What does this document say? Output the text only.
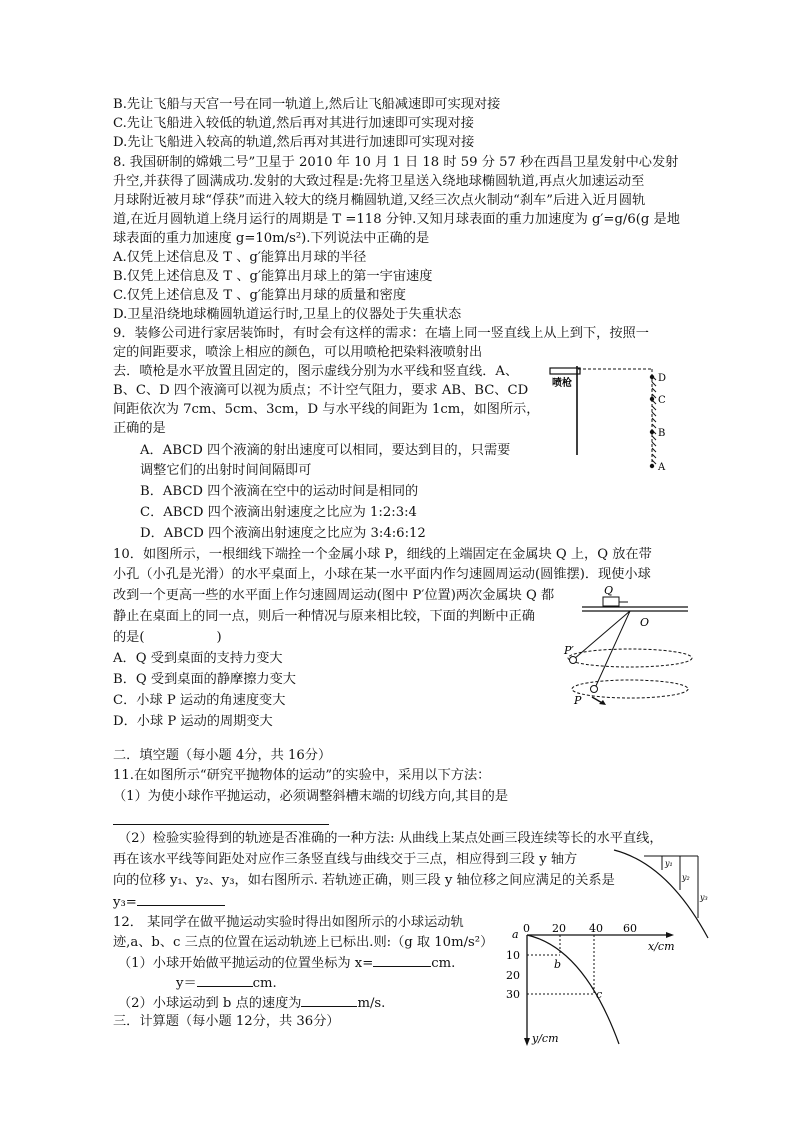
B.先让飞船与天宫一号在同一轨道上,然后让飞船减速即可实现对接
C.先让飞船进入较低的轨道,然后再对其进行加速即可实现对接
D.先让飞船进入较高的轨道,然后再对其进行加速即可实现对接
8. 我国研制的嫦娥二号”卫星于 2010 年 10 月 1 日 18 时 59 分 57 秒在西昌卫星发射中心发射
升空,并获得了圆满成功.发射的大致过程是:先将卫星送入绕地球椭圆轨道,再点火加速运动至
月球附近被月球“俘获”而进入较大的绕月椭圆轨道,又经三次点火制动“刹车”后进入近月圆轨
道,在近月圆轨道上绕月运行的周期是 T =118 分钟.又知月球表面的重力加速度为 g′=g/6(g 是地
球表面的重力加速度 g=10m/s²).下列说法中正确的是
A.仅凭上述信息及 T 、g′能算出月球的半径
B.仅凭上述信息及 T 、g′能算出月球上的第一宇宙速度
C.仅凭上述信息及 T 、g′能算出月球的质量和密度
D.卫星沿绕地球椭圆轨道运行时,卫星上的仪器处于失重状态
9．装修公司进行家居装饰时，有时会有这样的需求：在墙上同一竖直线上从上到下，按照一
定的间距要求，喷涂上相应的颜色，可以用喷枪把染料液喷射出
去．喷枪是水平放置且固定的，图示虚线分别为水平线和竖直线．A、
B、C、D 四个液滴可以视为质点；不计空气阻力，要求 AB、BC、CD
间距依次为 7cm、5cm、3cm，D 与水平线的间距为 1cm，如图所示，
正确的是
A．ABCD 四个液滴的射出速度可以相同，要达到目的，只需要
调整它们的出射时间间隔即可
B．ABCD 四个液滴在空中的运动时间是相同的
C．ABCD 四个液滴出射速度之比应为 1:2:3:4
D．ABCD 四个液滴出射速度之比应为 3:4:6:12
10．如图所示，一根细线下端拴一个金属小球 P，细线的上端固定在金属块 Q 上，Q 放在带
小孔（小孔是光滑）的水平桌面上，小球在某一水平面内作匀速圆周运动(圆锥摆)．现使小球
改到一个更高一些的水平面上作匀速圆周运动(图中 P′位置)两次金属块 Q 都
静止在桌面上的同一点，则后一种情况与原来相比较，下面的判断中正确
的是(	)
A．Q 受到桌面的支持力变大
B．Q 受到桌面的静摩擦力变大
C．小球 P 运动的角速度变大
D．小球 P 运动的周期变大
二．填空题（每小题 4分，共 16分）
11.在如图所示“研究平抛物体的运动”的实验中，采用以下方法：
（1）为使小球作平抛运动，必须调整斜槽末端的切线方向,其目的是
（2）检验实验得到的轨迹是否准确的一种方法: 从曲线上某点处画三段连续等长的水平直线，
再在该水平线等间距处对应作三条竖直线与曲线交于三点，相应得到三段 y 轴方
向的位移 y₁、y₂、y₃，如右图所示. 若轨迹正确，则三段 y 轴位移之间应满足的关系是
y₃=
12． 某同学在做平抛运动实验时得出如图所示的小球运动轨
迹,a、b、c 三点的位置在运动轨迹上已标出.则:（g 取 10m/s²）
（1）小球开始做平抛运动的位置坐标为 x=	cm.
y＝	cm.
（2）小球运动到 b 点的速度为	m/s.
三．计算题（每小题 12分，共 36分）
喷枪	D
C
B
A
Q
O
P′
P
y₁
y₂
y₃
0 20 40 60
x/cm
y/cm
a
10
20
30
b
c
